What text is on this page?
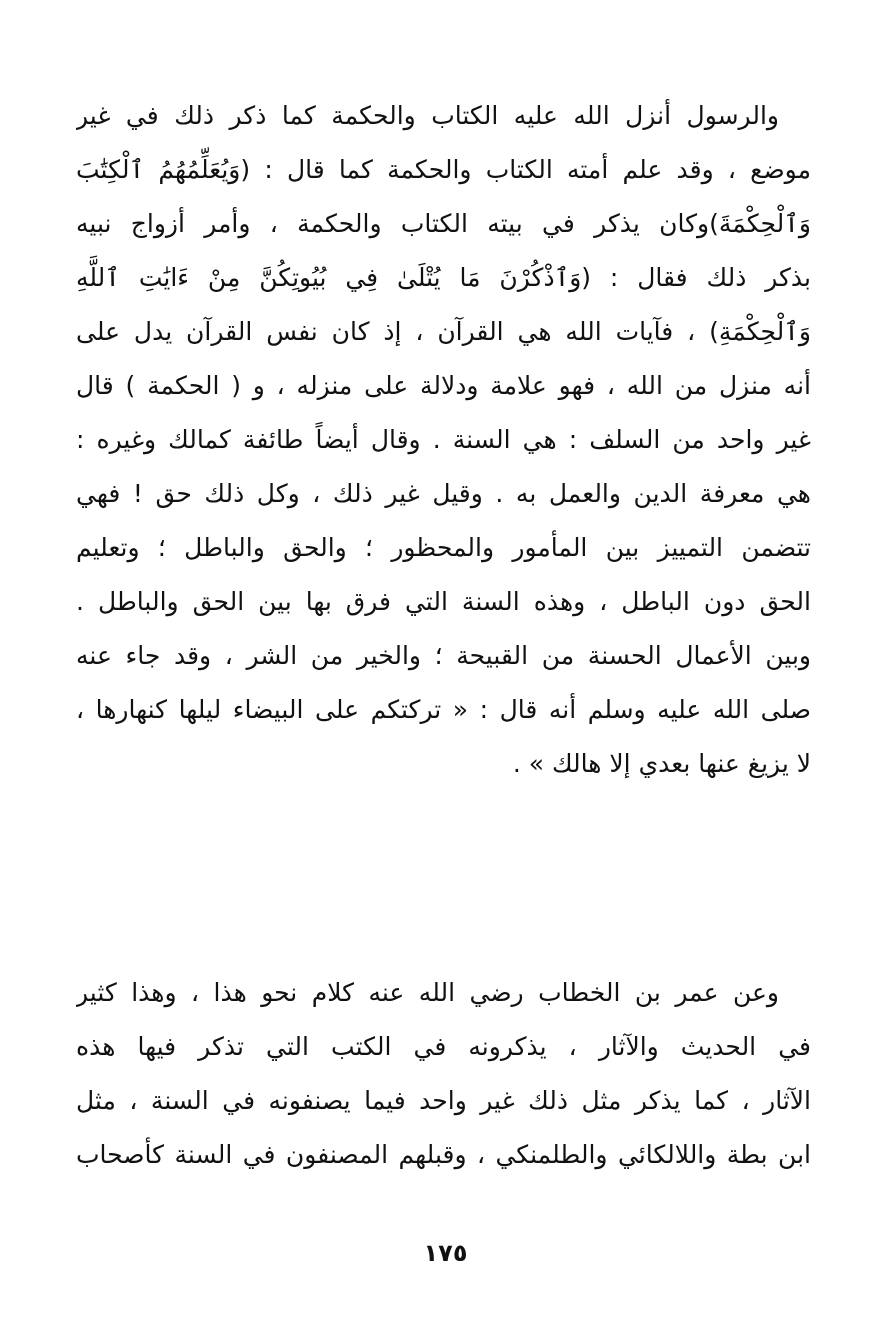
والرسول أنزل الله عليه الكتاب والحكمة كما ذكر ذلك في غير
موضع ، وقد علم أمته الكتاب والحكمة كما قال : (وَيُعَلِّمُهُمُ ٱلْكِتَٰبَ
وَٱلْحِكْمَةَ)وكان يذكر في بيته الكتاب والحكمة ، وأمر أزواج نبيه
بذكر ذلك فقال : (وَٱذْكُرْنَ مَا يُتْلَىٰ فِي بُيُوتِكُنَّ مِنْ ءَايَٰتِ ٱللَّهِ
وَٱلْحِكْمَةِ) ، فآيات الله هي القرآن ، إذ كان نفس القرآن يدل على
أنه منزل من الله ، فهو علامة ودلالة على منزله ، و ( الحكمة ) قال
غير واحد من السلف : هي السنة . وقال أيضاً طائفة كمالك وغيره :
هي معرفة الدين والعمل به . وقيل غير ذلك ، وكل ذلك حق ! فهي
تتضمن التمييز بين المأمور والمحظور ؛ والحق والباطل ؛ وتعليم
الحق دون الباطل ، وهذه السنة التي فرق بها بين الحق والباطل .
وبين الأعمال الحسنة من القبيحة ؛ والخير من الشر ، وقد جاء عنه
صلى الله عليه وسلم أنه قال : « تركتكم على البيضاء ليلها كنهارها ،
لا يزيغ عنها بعدي إلا هالك » .
وعن عمر بن الخطاب رضي الله عنه كلام نحو هذا ، وهذا كثير
في الحديث والآثار ، يذكرونه في الكتب التي تذكر فيها هذه
الآثار ، كما يذكر مثل ذلك غير واحد فيما يصنفونه في السنة ، مثل
ابن بطة واللالكائي والطلمنكي ، وقبلهم المصنفون في السنة كأصحاب
١٧٥
